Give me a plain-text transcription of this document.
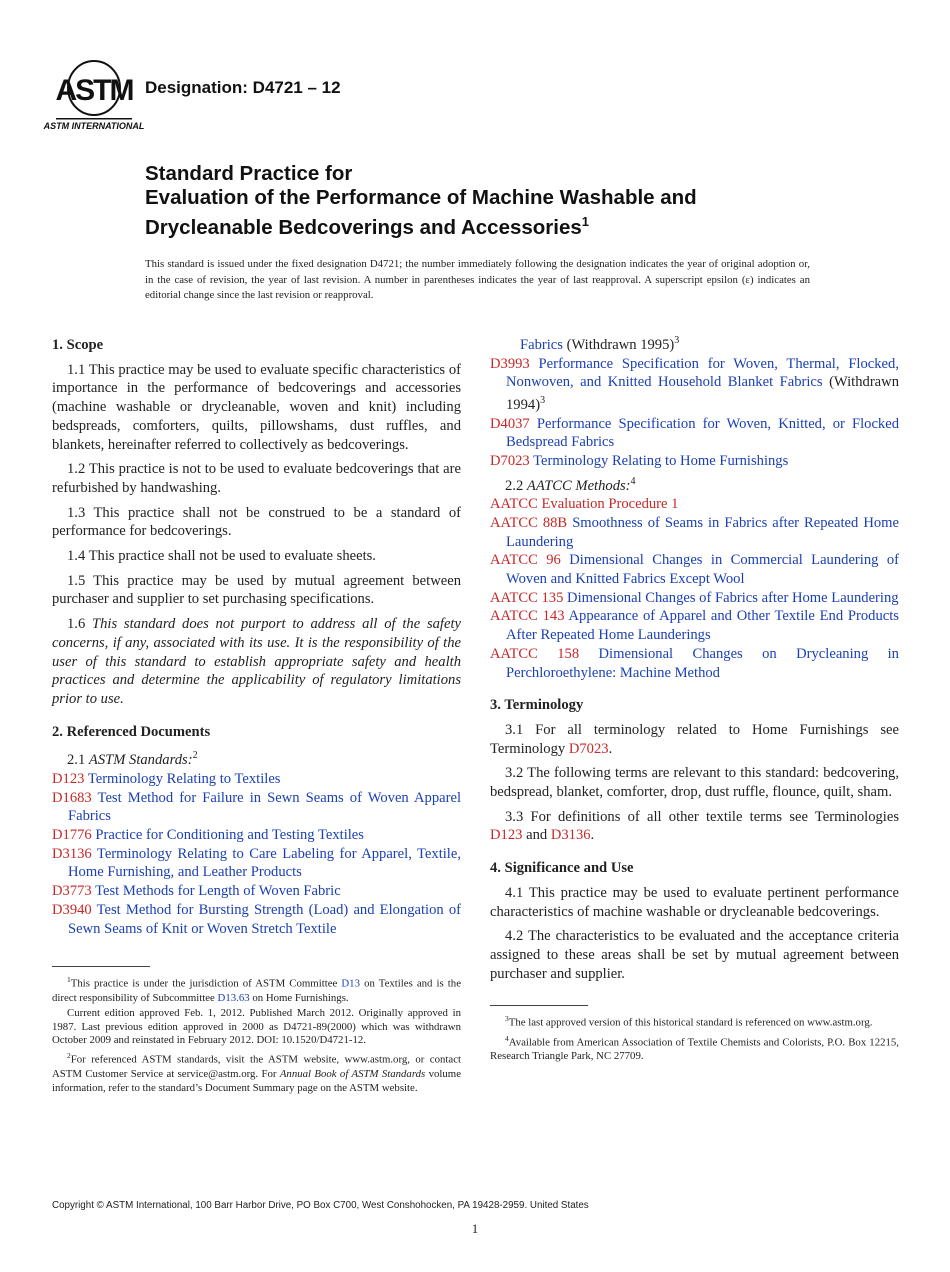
ASTM
ASTM INTERNATIONAL
Designation: D4721 – 12
Standard Practice for
Evaluation of the Performance of Machine Washable and
Drycleanable Bedcoverings and Accessories$^1$
This standard is issued under the fixed designation D4721; the number immediately following the designation indicates the year of original adoption or, in the case of revision, the year of last revision. A number in parentheses indicates the year of last reapproval. A superscript epsilon (ε) indicates an editorial change since the last revision or reapproval.
1. Scope

1.1 This practice may be used to evaluate specific characteristics of importance in the performance of bedcoverings and accessories (machine washable or drycleanable, woven and knit) including bedspreads, comforters, quilts, pillowshams, dust ruffles, and blankets, hereinafter referred to collectively as bedcoverings.

1.2 This practice is not to be used to evaluate bedcoverings that are refurbished by handwashing.

1.3 This practice shall not be construed to be a standard of performance for bedcoverings.

1.4 This practice shall not be used to evaluate sheets.

1.5 This practice may be used by mutual agreement between purchaser and supplier to set purchasing specifications.

1.6 This standard does not purport to address all of the safety concerns, if any, associated with its use. It is the responsibility of the user of this standard to establish appropriate safety and health practices and determine the applicability of regulatory limitations prior to use.

2. Referenced Documents

2.1 ASTM Standards:$^2$

D123 Terminology Relating to Textiles

D1683 Test Method for Failure in Sewn Seams of Woven Apparel Fabrics

D1776 Practice for Conditioning and Testing Textiles

D3136 Terminology Relating to Care Labeling for Apparel, Textile, Home Furnishing, and Leather Products

D3773 Test Methods for Length of Woven Fabric

D3940 Test Method for Bursting Strength (Load) and Elongation of Sewn Seams of Knit or Woven Stretch Textile

$^1$This practice is under the jurisdiction of ASTM Committee D13 on Textiles and is the direct responsibility of Subcommittee D13.63 on Home Furnishings.

Current edition approved Feb. 1, 2012. Published March 2012. Originally approved in 1987. Last previous edition approved in 2000 as D4721-89(2000) which was withdrawn October 2009 and reinstated in February 2012. DOI: 10.1520/D4721-12.

$^2$For referenced ASTM standards, visit the ASTM website, www.astm.org, or contact ASTM Customer Service at service@astm.org. For Annual Book of ASTM Standards volume information, refer to the standard’s Document Summary page on the ASTM website.

Fabrics (Withdrawn 1995)$^3$

D3993 Performance Specification for Woven, Thermal, Flocked, Nonwoven, and Knitted Household Blanket Fabrics (Withdrawn 1994)$^3$

D4037 Performance Specification for Woven, Knitted, or Flocked Bedspread Fabrics

D7023 Terminology Relating to Home Furnishings

2.2 AATCC Methods:$^4$

AATCC Evaluation Procedure 1

AATCC 88B Smoothness of Seams in Fabrics after Repeated Home Laundering

AATCC 96 Dimensional Changes in Commercial Laundering of Woven and Knitted Fabrics Except Wool

AATCC 135 Dimensional Changes of Fabrics after Home Laundering

AATCC 143 Appearance of Apparel and Other Textile End Products After Repeated Home Launderings

AATCC 158 Dimensional Changes on Drycleaning in Perchloroethylene: Machine Method

3. Terminology

3.1 For all terminology related to Home Furnishings see Terminology D7023.

3.2 The following terms are relevant to this standard: bedcovering, bedspread, blanket, comforter, drop, dust ruffle, flounce, quilt, sham.

3.3 For definitions of all other textile terms see Terminologies D123 and D3136.

4. Significance and Use

4.1 This practice may be used to evaluate pertinent performance characteristics of machine washable or drycleanable bedcoverings.

4.2 The characteristics to be evaluated and the acceptance criteria assigned to these areas shall be set by mutual agreement between purchaser and supplier.

$^3$The last approved version of this historical standard is referenced on www.astm.org.

$^4$Available from American Association of Textile Chemists and Colorists, P.O. Box 12215, Research Triangle Park, NC 27709.

Copyright © ASTM International, 100 Barr Harbor Drive, PO Box C700, West Conshohocken, PA 19428-2959. United States
1
